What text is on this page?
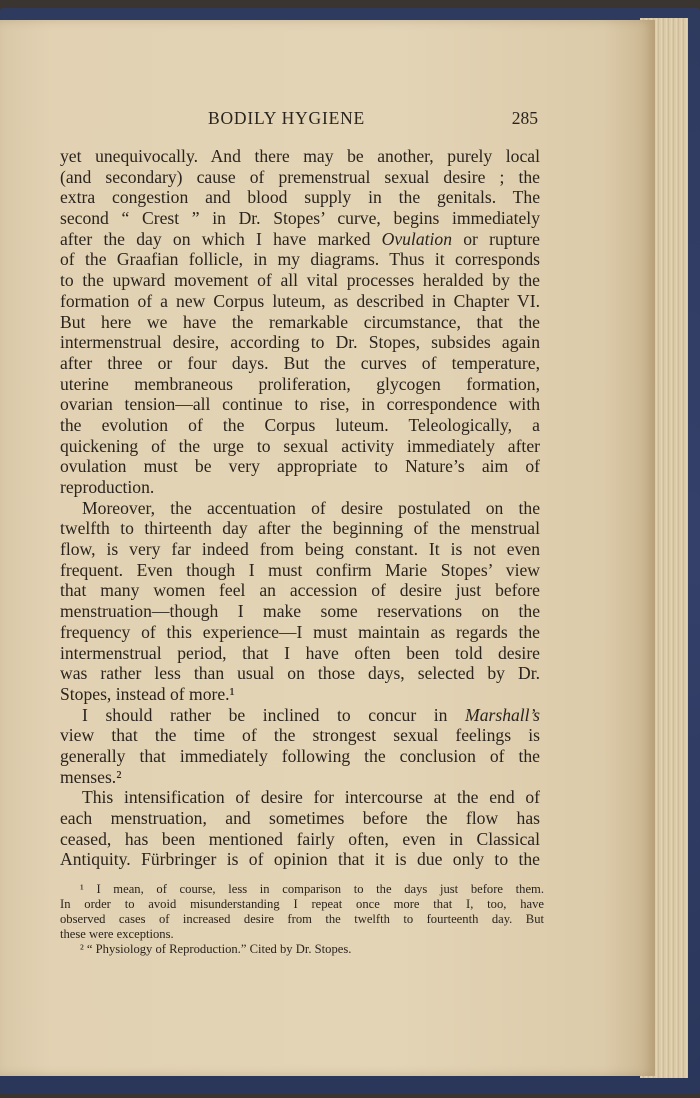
BODILY HYGIENE	285
yet unequivocally. And there may be another, purely local
(and secondary) cause of premenstrual sexual desire ; the
extra congestion and blood supply in the genitals. The
second “ Crest ” in Dr. Stopes’ curve, begins immediately
after the day on which I have marked Ovulation or rupture
of the Graafian follicle, in my diagrams. Thus it corresponds
to the upward movement of all vital processes heralded by the
formation of a new Corpus luteum, as described in Chapter VI.
But here we have the remarkable circumstance, that the
intermenstrual desire, according to Dr. Stopes, subsides again
after three or four days. But the curves of temperature,
uterine membraneous proliferation, glycogen formation,
ovarian tension—all continue to rise, in correspondence with
the evolution of the Corpus luteum. Teleologically, a
quickening of the urge to sexual activity immediately after
ovulation must be very appropriate to Nature’s aim of
reproduction.
Moreover, the accentuation of desire postulated on the
twelfth to thirteenth day after the beginning of the menstrual
flow, is very far indeed from being constant. It is not even
frequent. Even though I must confirm Marie Stopes’ view
that many women feel an accession of desire just before
menstruation—though I make some reservations on the
frequency of this experience—I must maintain as regards the
intermenstrual period, that I have often been told desire
was rather less than usual on those days, selected by Dr.
Stopes, instead of more.¹
I should rather be inclined to concur in Marshall’s
view that the time of the strongest sexual feelings is
generally that immediately following the conclusion of the
menses.²
This intensification of desire for intercourse at the end of
each menstruation, and sometimes before the flow has
ceased, has been mentioned fairly often, even in Classical
Antiquity. Fürbringer is of opinion that it is due only to the
¹ I mean, of course, less in comparison to the days just before them.
In order to avoid misunderstanding I repeat once more that I, too, have
observed cases of increased desire from the twelfth to fourteenth day. But
these were exceptions.
² “ Physiology of Reproduction.” Cited by Dr. Stopes.
